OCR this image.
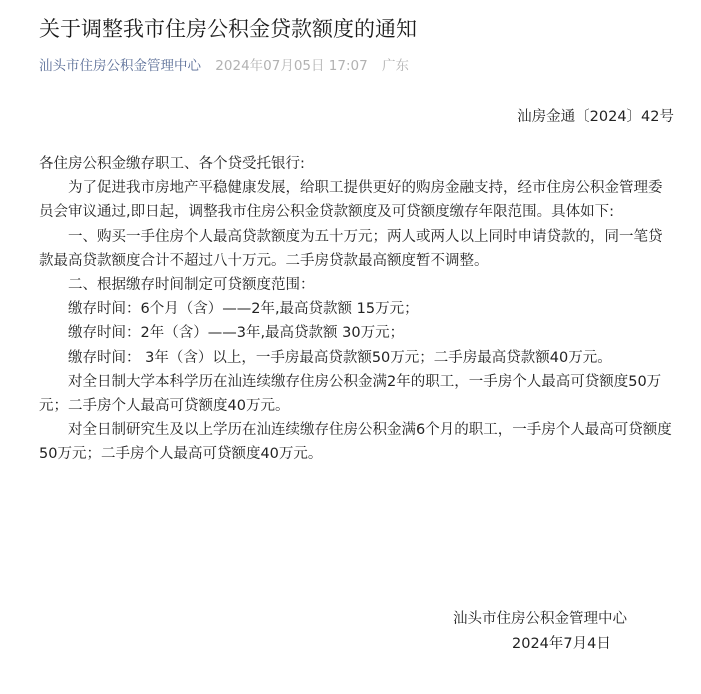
关于调整我市住房公积金贷款额度的通知
汕头市住房公积金管理中心 2024年07月05日 17:07 广东
汕房金通〔2024〕42号

各住房公积金缴存职工、各个贷受托银行:

为了促进我市房地产平稳健康发展，给职工提供更好的购房金融支持，经市住房公积金管理委员会审议通过,即日起，调整我市住房公积金贷款额度及可贷额度缴存年限范围。具体如下:

一、购买一手住房个人最高贷款额度为五十万元；两人或两人以上同时申请贷款的，同一笔贷款最高贷款额度合计不超过八十万元。二手房贷款最高额度暂不调整。

二、根据缴存时间制定可贷额度范围：

缴存时间：6个月（含）——2年,最高贷款额 15万元；

缴存时间：2年（含）——3年,最高贷款额 30万元；

缴存时间： 3年（含）以上，一手房最高贷款额50万元；二手房最高贷款额40万元。

对全日制大学本科学历在汕连续缴存住房公积金满2年的职工，一手房个人最高可贷额度50万元；二手房个人最高可贷额度40万元。

对全日制研究生及以上学历在汕连续缴存住房公积金满6个月的职工，一手房个人最高可贷额度50万元；二手房个人最高可贷额度40万元。

汕头市住房公积金管理中心
2024年7月4日
